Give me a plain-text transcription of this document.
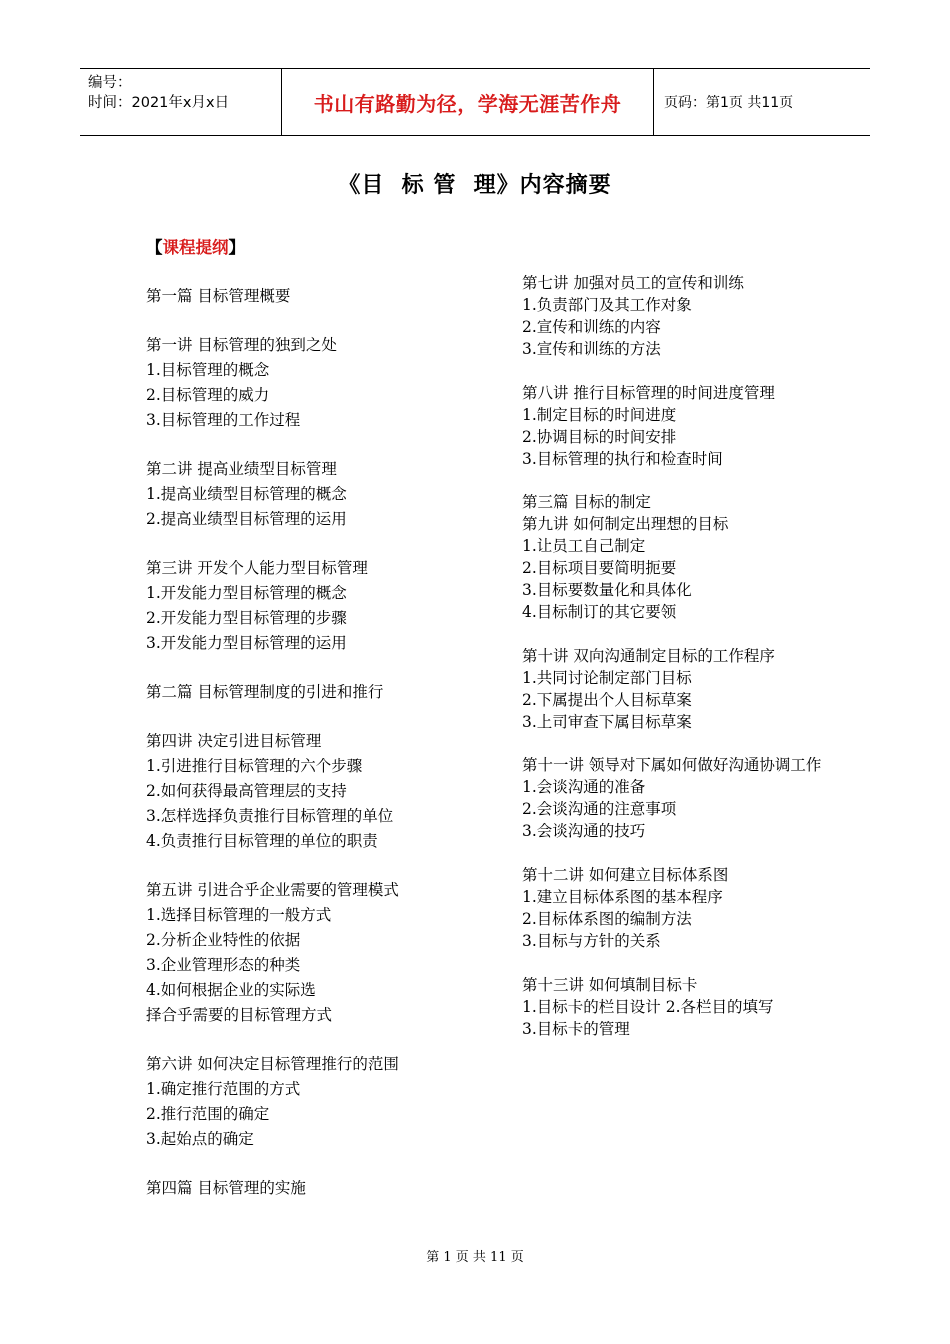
编号：
时间：2021年x月x日	书山有路勤为径，学海无涯苦作舟	页码：第1页 共11页
《目  标 管  理》内容摘要
【课程提纲】
第一篇 目标管理概要
第一讲 目标管理的独到之处
1.目标管理的概念
2.目标管理的威力
3.目标管理的工作过程
第二讲 提高业绩型目标管理
1.提高业绩型目标管理的概念
2.提高业绩型目标管理的运用
第三讲 开发个人能力型目标管理
1.开发能力型目标管理的概念
2.开发能力型目标管理的步骤
3.开发能力型目标管理的运用
第二篇 目标管理制度的引进和推行
第四讲 决定引进目标管理
1.引进推行目标管理的六个步骤
2.如何获得最高管理层的支持
3.怎样选择负责推行目标管理的单位
4.负责推行目标管理的单位的职责
第五讲 引进合乎企业需要的管理模式
1.选择目标管理的一般方式
2.分析企业特性的依据
3.企业管理形态的种类
4.如何根据企业的实际选
择合乎需要的目标管理方式
第六讲 如何决定目标管理推行的范围
1.确定推行范围的方式
2.推行范围的确定
3.起始点的确定
第四篇 目标管理的实施
第七讲 加强对员工的宣传和训练
1.负责部门及其工作对象
2.宣传和训练的内容
3.宣传和训练的方法
第八讲 推行目标管理的时间进度管理
1.制定目标的时间进度
2.协调目标的时间安排
3.目标管理的执行和检查时间
第三篇 目标的制定
第九讲 如何制定出理想的目标
1.让员工自己制定
2.目标项目要简明扼要
3.目标要数量化和具体化
4.目标制订的其它要领
第十讲 双向沟通制定目标的工作程序
1.共同讨论制定部门目标
2.下属提出个人目标草案
3.上司审查下属目标草案
第十一讲 领导对下属如何做好沟通协调工作
1.会谈沟通的准备
2.会谈沟通的注意事项
3.会谈沟通的技巧
第十二讲 如何建立目标体系图
1.建立目标体系图的基本程序
2.目标体系图的编制方法
3.目标与方针的关系
第十三讲 如何填制目标卡
1.目标卡的栏目设计 2.各栏目的填写
3.目标卡的管理
第 1 页 共 11 页
